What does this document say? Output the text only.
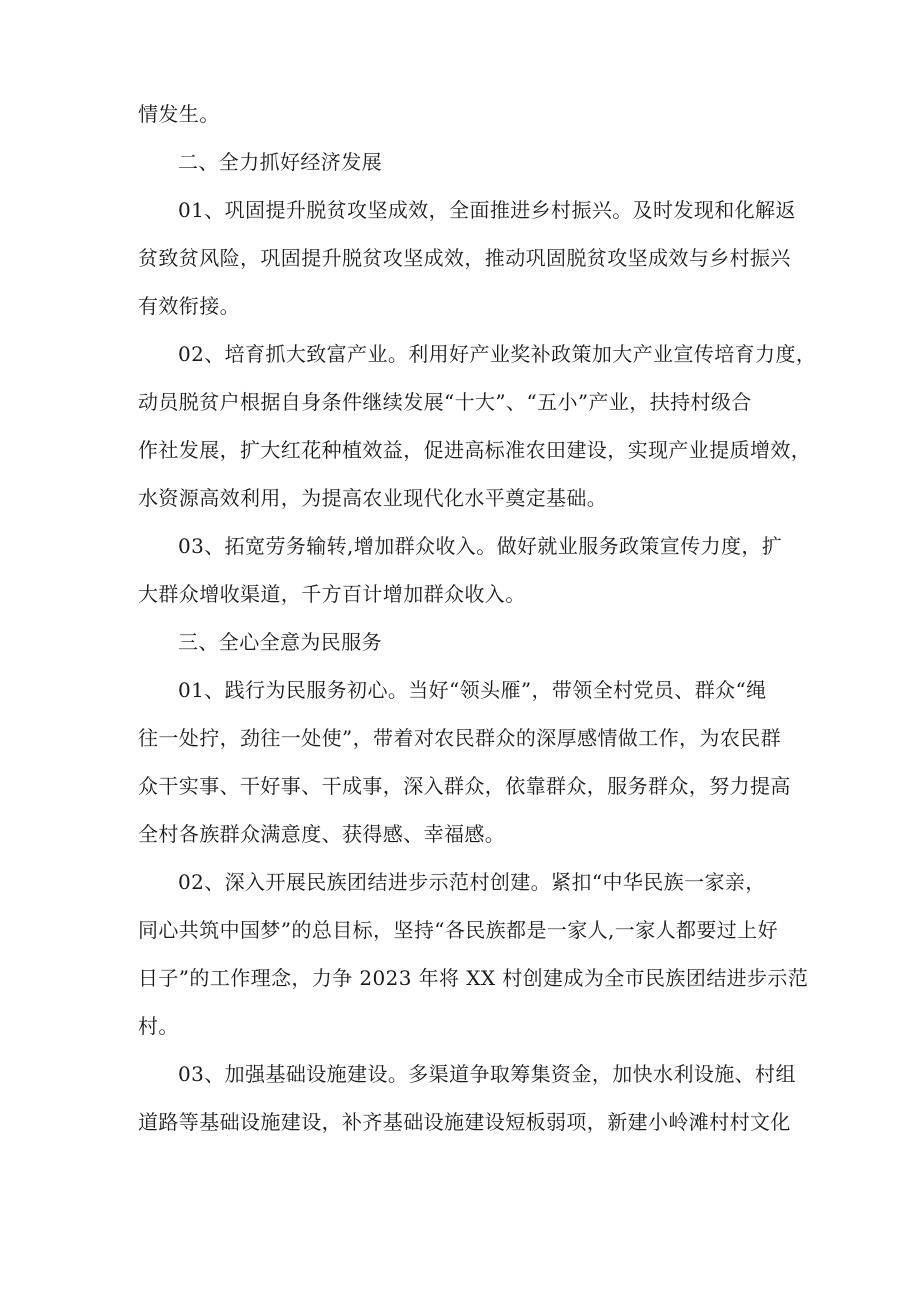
情发生。
二、全力抓好经济发展
01、巩固提升脱贫攻坚成效，全面推进乡村振兴。及时发现和化解返
贫致贫风险，巩固提升脱贫攻坚成效，推动巩固脱贫攻坚成效与乡村振兴
有效衔接。
02、培育抓大致富产业。利用好产业奖补政策加大产业宣传培育力度，
动员脱贫户根据自身条件继续发展“十大”、“五小”产业，扶持村级合
作社发展，扩大红花种植效益，促进高标准农田建设，实现产业提质增效，
水资源高效利用，为提高农业现代化水平奠定基础。
03、拓宽劳务输转,增加群众收入。做好就业服务政策宣传力度，扩
大群众增收渠道，千方百计增加群众收入。
三、全心全意为民服务
01、践行为民服务初心。当好“领头雁”，带领全村党员、群众“绳
往一处拧，劲往一处使”，带着对农民群众的深厚感情做工作，为农民群
众干实事、干好事、干成事，深入群众，依靠群众，服务群众，努力提高
全村各族群众满意度、获得感、幸福感。
02、深入开展民族团结进步示范村创建。紧扣“中华民族一家亲，
同心共筑中国梦”的总目标，坚持“各民族都是一家人,一家人都要过上好
日子”的工作理念，力争 2023 年将 XX 村创建成为全市民族团结进步示范
村。
03、加强基础设施建设。多渠道争取筹集资金，加快水利设施、村组
道路等基础设施建设，补齐基础设施建设短板弱项，新建小岭滩村村文化
